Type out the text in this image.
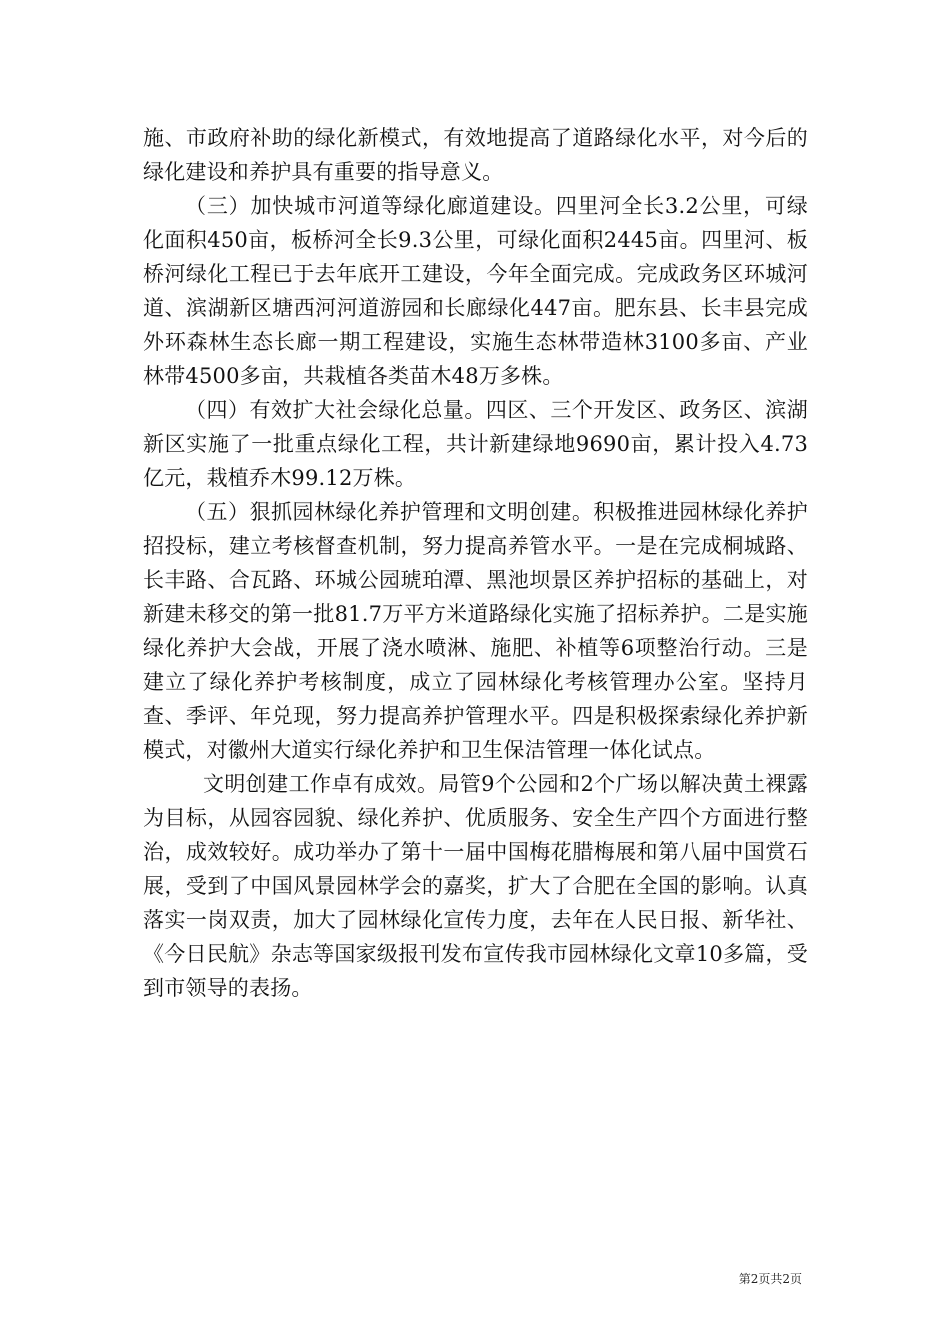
施、市政府补助的绿化新模式，有效地提高了道路绿化水平，对今后的绿化建设和养护具有重要的指导意义。

（三）加快城市河道等绿化廊道建设。四里河全长3.2公里，可绿化面积450亩，板桥河全长9.3公里，可绿化面积2445亩。四里河、板桥河绿化工程已于去年底开工建设，今年全面完成。完成政务区环城河道、滨湖新区塘西河河道游园和长廊绿化447亩。肥东县、长丰县完成外环森林生态长廊一期工程建设，实施生态林带造林3100多亩、产业林带4500多亩，共栽植各类苗木48万多株。

（四）有效扩大社会绿化总量。四区、三个开发区、政务区、滨湖新区实施了一批重点绿化工程，共计新建绿地9690亩，累计投入4.73亿元，栽植乔木99.12万株。

（五）狠抓园林绿化养护管理和文明创建。积极推进园林绿化养护招投标，建立考核督查机制，努力提高养管水平。一是在完成桐城路、长丰路、合瓦路、环城公园琥珀潭、黑池坝景区养护招标的基础上，对新建未移交的第一批81.7万平方米道路绿化实施了招标养护。二是实施绿化养护大会战，开展了浇水喷淋、施肥、补植等6项整治行动。三是建立了绿化养护考核制度，成立了园林绿化考核管理办公室。坚持月查、季评、年兑现，努力提高养护管理水平。四是积极探索绿化养护新模式，对徽州大道实行绿化养护和卫生保洁管理一体化试点。

文明创建工作卓有成效。局管9个公园和2个广场以解决黄土裸露为目标，从园容园貌、绿化养护、优质服务、安全生产四个方面进行整治，成效较好。成功举办了第十一届中国梅花腊梅展和第八届中国赏石展，受到了中国风景园林学会的嘉奖，扩大了合肥在全国的影响。认真落实一岗双责，加大了园林绿化宣传力度，去年在人民日报、新华社、《今日民航》杂志等国家级报刊发布宣传我市园林绿化文章10多篇，受到市领导的表扬。

第2页共2页
